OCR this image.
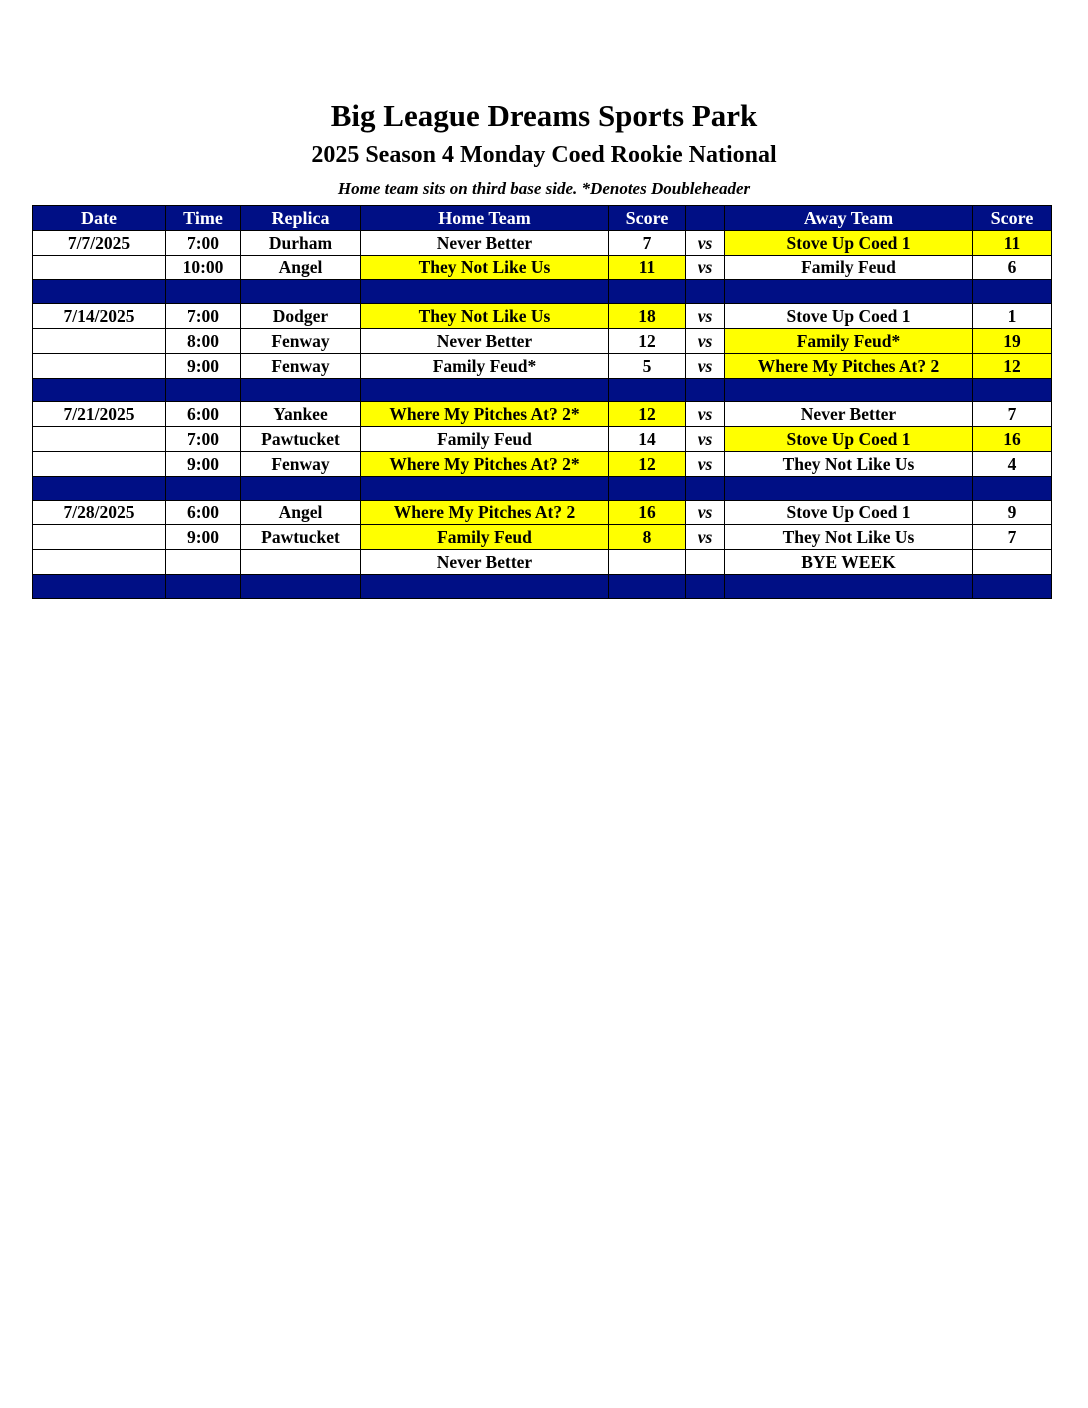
Big League Dreams Sports Park
2025 Season 4 Monday Coed Rookie National
Home team sits on third base side. *Denotes Doubleheader
Date	Time	Replica	Home Team	Score		Away Team	Score
7/7/2025	7:00	Durham	Never Better	7	vs	Stove Up Coed 1	11
	10:00	Angel	They Not Like Us	11	vs	Family Feud	6

7/14/2025	7:00	Dodger	They Not Like Us	18	vs	Stove Up Coed 1	1
	8:00	Fenway	Never Better	12	vs	Family Feud*	19
	9:00	Fenway	Family Feud*	5	vs	Where My Pitches At? 2	12

7/21/2025	6:00	Yankee	Where My Pitches At? 2*	12	vs	Never Better	7
	7:00	Pawtucket	Family Feud	14	vs	Stove Up Coed 1	16
	9:00	Fenway	Where My Pitches At? 2*	12	vs	They Not Like Us	4

7/28/2025	6:00	Angel	Where My Pitches At? 2	16	vs	Stove Up Coed 1	9
	9:00	Pawtucket	Family Feud	8	vs	They Not Like Us	7
			Never Better			BYE WEEK	
